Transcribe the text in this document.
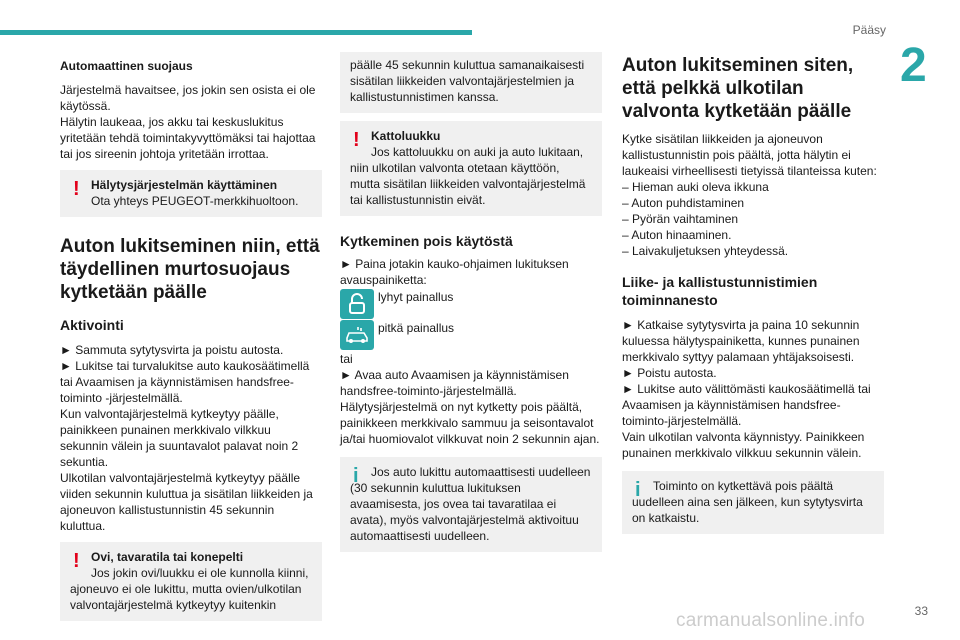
Pääsy
2

Automaattinen suojaus

Järjestelmä havaitsee, jos jokin sen osista ei ole käytössä.

Hälytin laukeaa, jos akku tai keskuslukitus yritetään tehdä toimintakyvyttömäksi tai hajottaa tai jos sireenin johtoja yritetään irrottaa.

! Hälytysjärjestelmän käyttäminen
Ota yhteys PEUGEOT-merkkihuoltoon.

Auton lukitseminen niin, että täydellinen murtosuojaus kytketään päälle

Aktivointi

► Sammuta sytytysvirta ja poistu autosta.

► Lukitse tai turvalukitse auto kaukosäätimellä tai Avaamisen ja käynnistämisen handsfree-toiminto -järjestelmällä.

Kun valvontajärjestelmä kytkeytyy päälle, painikkeen punainen merkkivalo vilkkuu sekunnin välein ja suuntavalot palavat noin 2 sekuntia.

Ulkotilan valvontajärjestelmä kytkeytyy päälle viiden sekunnin kuluttua ja sisätilan liikkeiden ja ajoneuvon kallistustunnistin 45 sekunnin kuluttua.

! Ovi, tavaratila tai konepelti
Jos jokin ovi/luukku ei ole kunnolla kiinni, ajoneuvo ei ole lukittu, mutta ovien/ulkotilan valvontajärjestelmä kytkeytyy kuitenkin
päälle 45 sekunnin kuluttua samanaikaisesti sisätilan liikkeiden valvontajärjestelmien ja kallistustunnistimen kanssa.
! Kattoluukku
Jos kattoluukku on auki ja auto lukitaan, niin ulkotilan valvonta otetaan käyttöön, mutta sisätilan liikkeiden valvontajärjestelmä tai kallistustunnistin eivät.

Kytkeminen pois käytöstä

► Paina jotakin kauko-ohjaimen lukituksen avauspainiketta:

lyhyt painallus
pitkä painallus

tai

► Avaa auto Avaamisen ja käynnistämisen handsfree-toiminto-järjestelmällä.

Hälytysjärjestelmä on nyt kytketty pois päältä, painikkeen merkkivalo sammuu ja seisontavalot ja/tai huomiovalot vilkkuvat noin 2 sekunnin ajan.

i	Jos auto lukittu automaattisesti uudelleen (30 sekunnin kuluttua lukituksen avaamisesta, jos ovea tai tavaratilaa ei avata), myös valvontajärjestelmä aktivoituu automaattisesti uudelleen.

Auton lukitseminen siten, että pelkkä ulkotilan valvonta kytketään päälle

Kytke sisätilan liikkeiden ja ajoneuvon kallistustunnistin pois päältä, jotta hälytin ei laukeaisi virheellisesti tietyissä tilanteissa kuten:

– Hieman auki oleva ikkuna

– Auton puhdistaminen

– Pyörän vaihtaminen

– Auton hinaaminen.

– Laivakuljetuksen yhteydessä.

Liike- ja kallistustunnistimien toiminnanesto

► Katkaise sytytysvirta ja paina 10 sekunnin kuluessa hälytyspainiketta, kunnes punainen merkkivalo syttyy palamaan yhtäjaksoisesti.

► Poistu autosta.

► Lukitse auto välittömästi kaukosäätimellä tai Avaamisen ja käynnistämisen handsfree-toiminto-järjestelmällä.

Vain ulkotilan valvonta käynnistyy. Painikkeen punainen merkkivalo vilkkuu sekunnin välein.

i	Toiminto on kytkettävä pois päältä uudelleen aina sen jälkeen, kun sytytysvirta on katkaistu.
33
carmanualsonline.info
